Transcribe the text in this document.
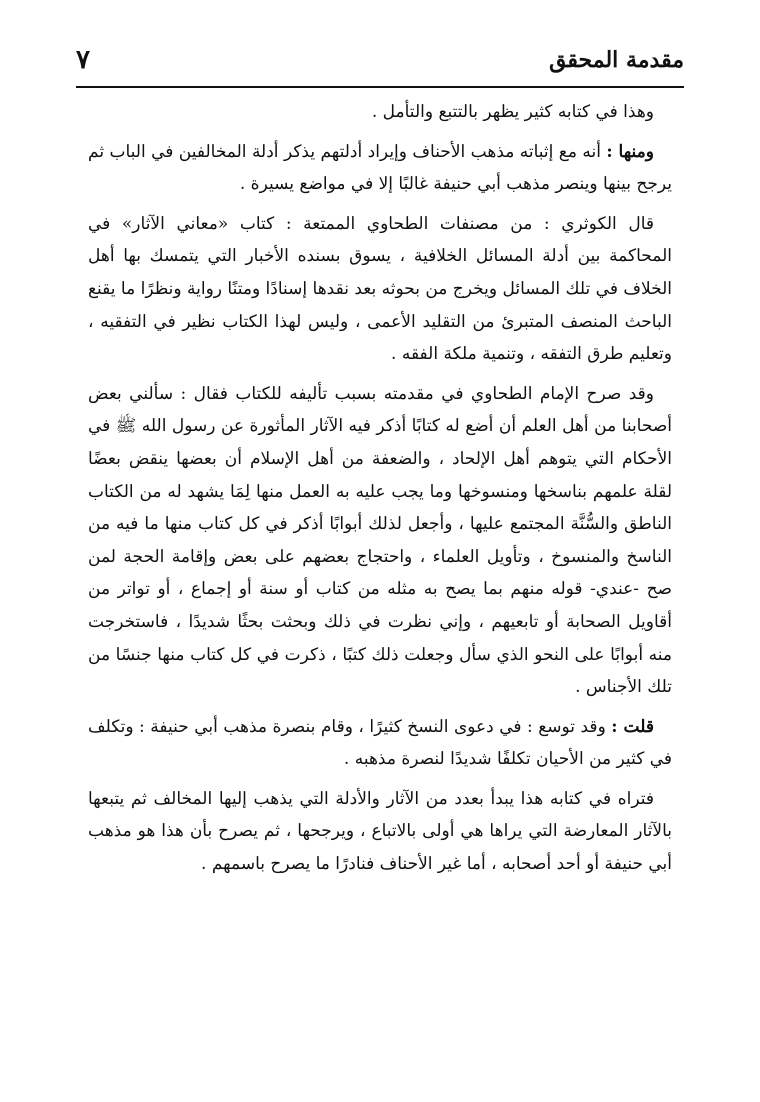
مقدمة المحقق
٧

وهذا في كتابه كثير يظهر بالتتبع والتأمل .

ومنها : أنه مع إثباته مذهب الأحناف وإيراد أدلتهم يذكر أدلة المخالفين في الباب ثم يرجح بينها وينصر مذهب أبي حنيفة غالبًا إلا في مواضع يسيرة .

قال الكوثري : من مصنفات الطحاوي الممتعة : كتاب «معاني الآثار» في المحاكمة بين أدلة المسائل الخلافية ، يسوق بسنده الأخبار التي يتمسك بها أهل الخلاف في تلك المسائل ويخرج من بحوثه بعد نقدها إسنادًا ومتنًا رواية ونظرًا ما يقنع الباحث المنصف المتبرئ من التقليد الأعمى ، وليس لهذا الكتاب نظير في التفقيه ، وتعليم طرق التفقه ، وتنمية ملكة الفقه .

وقد صرح الإمام الطحاوي في مقدمته بسبب تأليفه للكتاب فقال : سألني بعض أصحابنا من أهل العلم أن أضع له كتابًا أذكر فيه الآثار المأثورة عن رسول الله ﷺ في الأحكام التي يتوهم أهل الإلحاد ، والضعفة من أهل الإسلام أن بعضها ينقض بعضًا لقلة علمهم بناسخها ومنسوخها وما يجب عليه به العمل منها لِمَا يشهد له من الكتاب الناطق والسُّنَّة المجتمع عليها ، وأجعل لذلك أبوابًا أذكر في كل كتاب منها ما فيه من الناسخ والمنسوخ ، وتأويل العلماء ، واحتجاج بعضهم على بعض وإقامة الحجة لمن صح -عندي- قوله منهم بما يصح به مثله من كتاب أو سنة أو إجماع ، أو تواتر من أقاويل الصحابة أو تابعيهم ، وإني نظرت في ذلك وبحثت بحثًا شديدًا ، فاستخرجت منه أبوابًا على النحو الذي سأل وجعلت ذلك كتبًا ، ذكرت في كل كتاب منها جنسًا من تلك الأجناس .

قلت : وقد توسع : في دعوى النسخ كثيرًا ، وقام بنصرة مذهب أبي حنيفة : وتكلف في كثير من الأحيان تكلفًا شديدًا لنصرة مذهبه .

فتراه في كتابه هذا يبدأ بعدد من الآثار والأدلة التي يذهب إليها المخالف ثم يتبعها بالآثار المعارضة التي يراها هي أولى بالاتباع ، ويرجحها ، ثم يصرح بأن هذا هو مذهب أبي حنيفة أو أحد أصحابه ، أما غير الأحناف فنادرًا ما يصرح باسمهم .
